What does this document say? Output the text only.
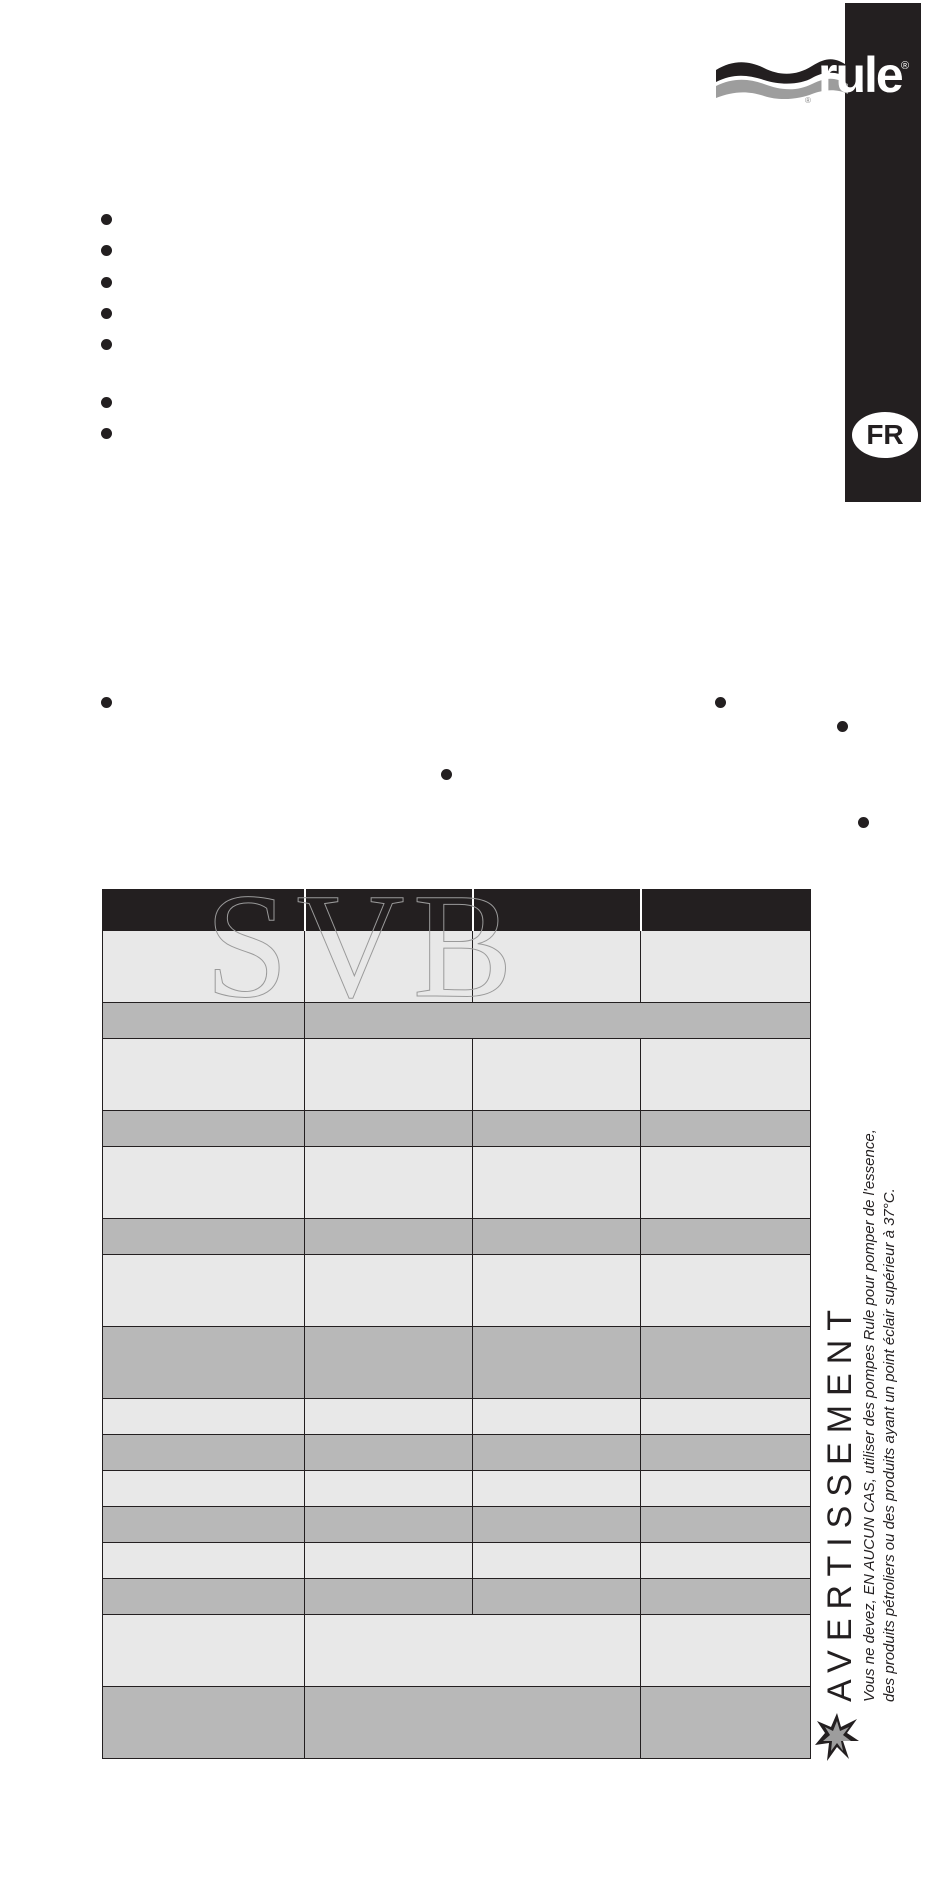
rule ®
®
FR

SVB

AVERTISSEMENT Vous ne devez, EN AUCUN CAS, utiliser des pompes Rule pour pomper de l'essence, des produits pétroliers ou des produits ayant un point éclair supérieur à 37°C.
